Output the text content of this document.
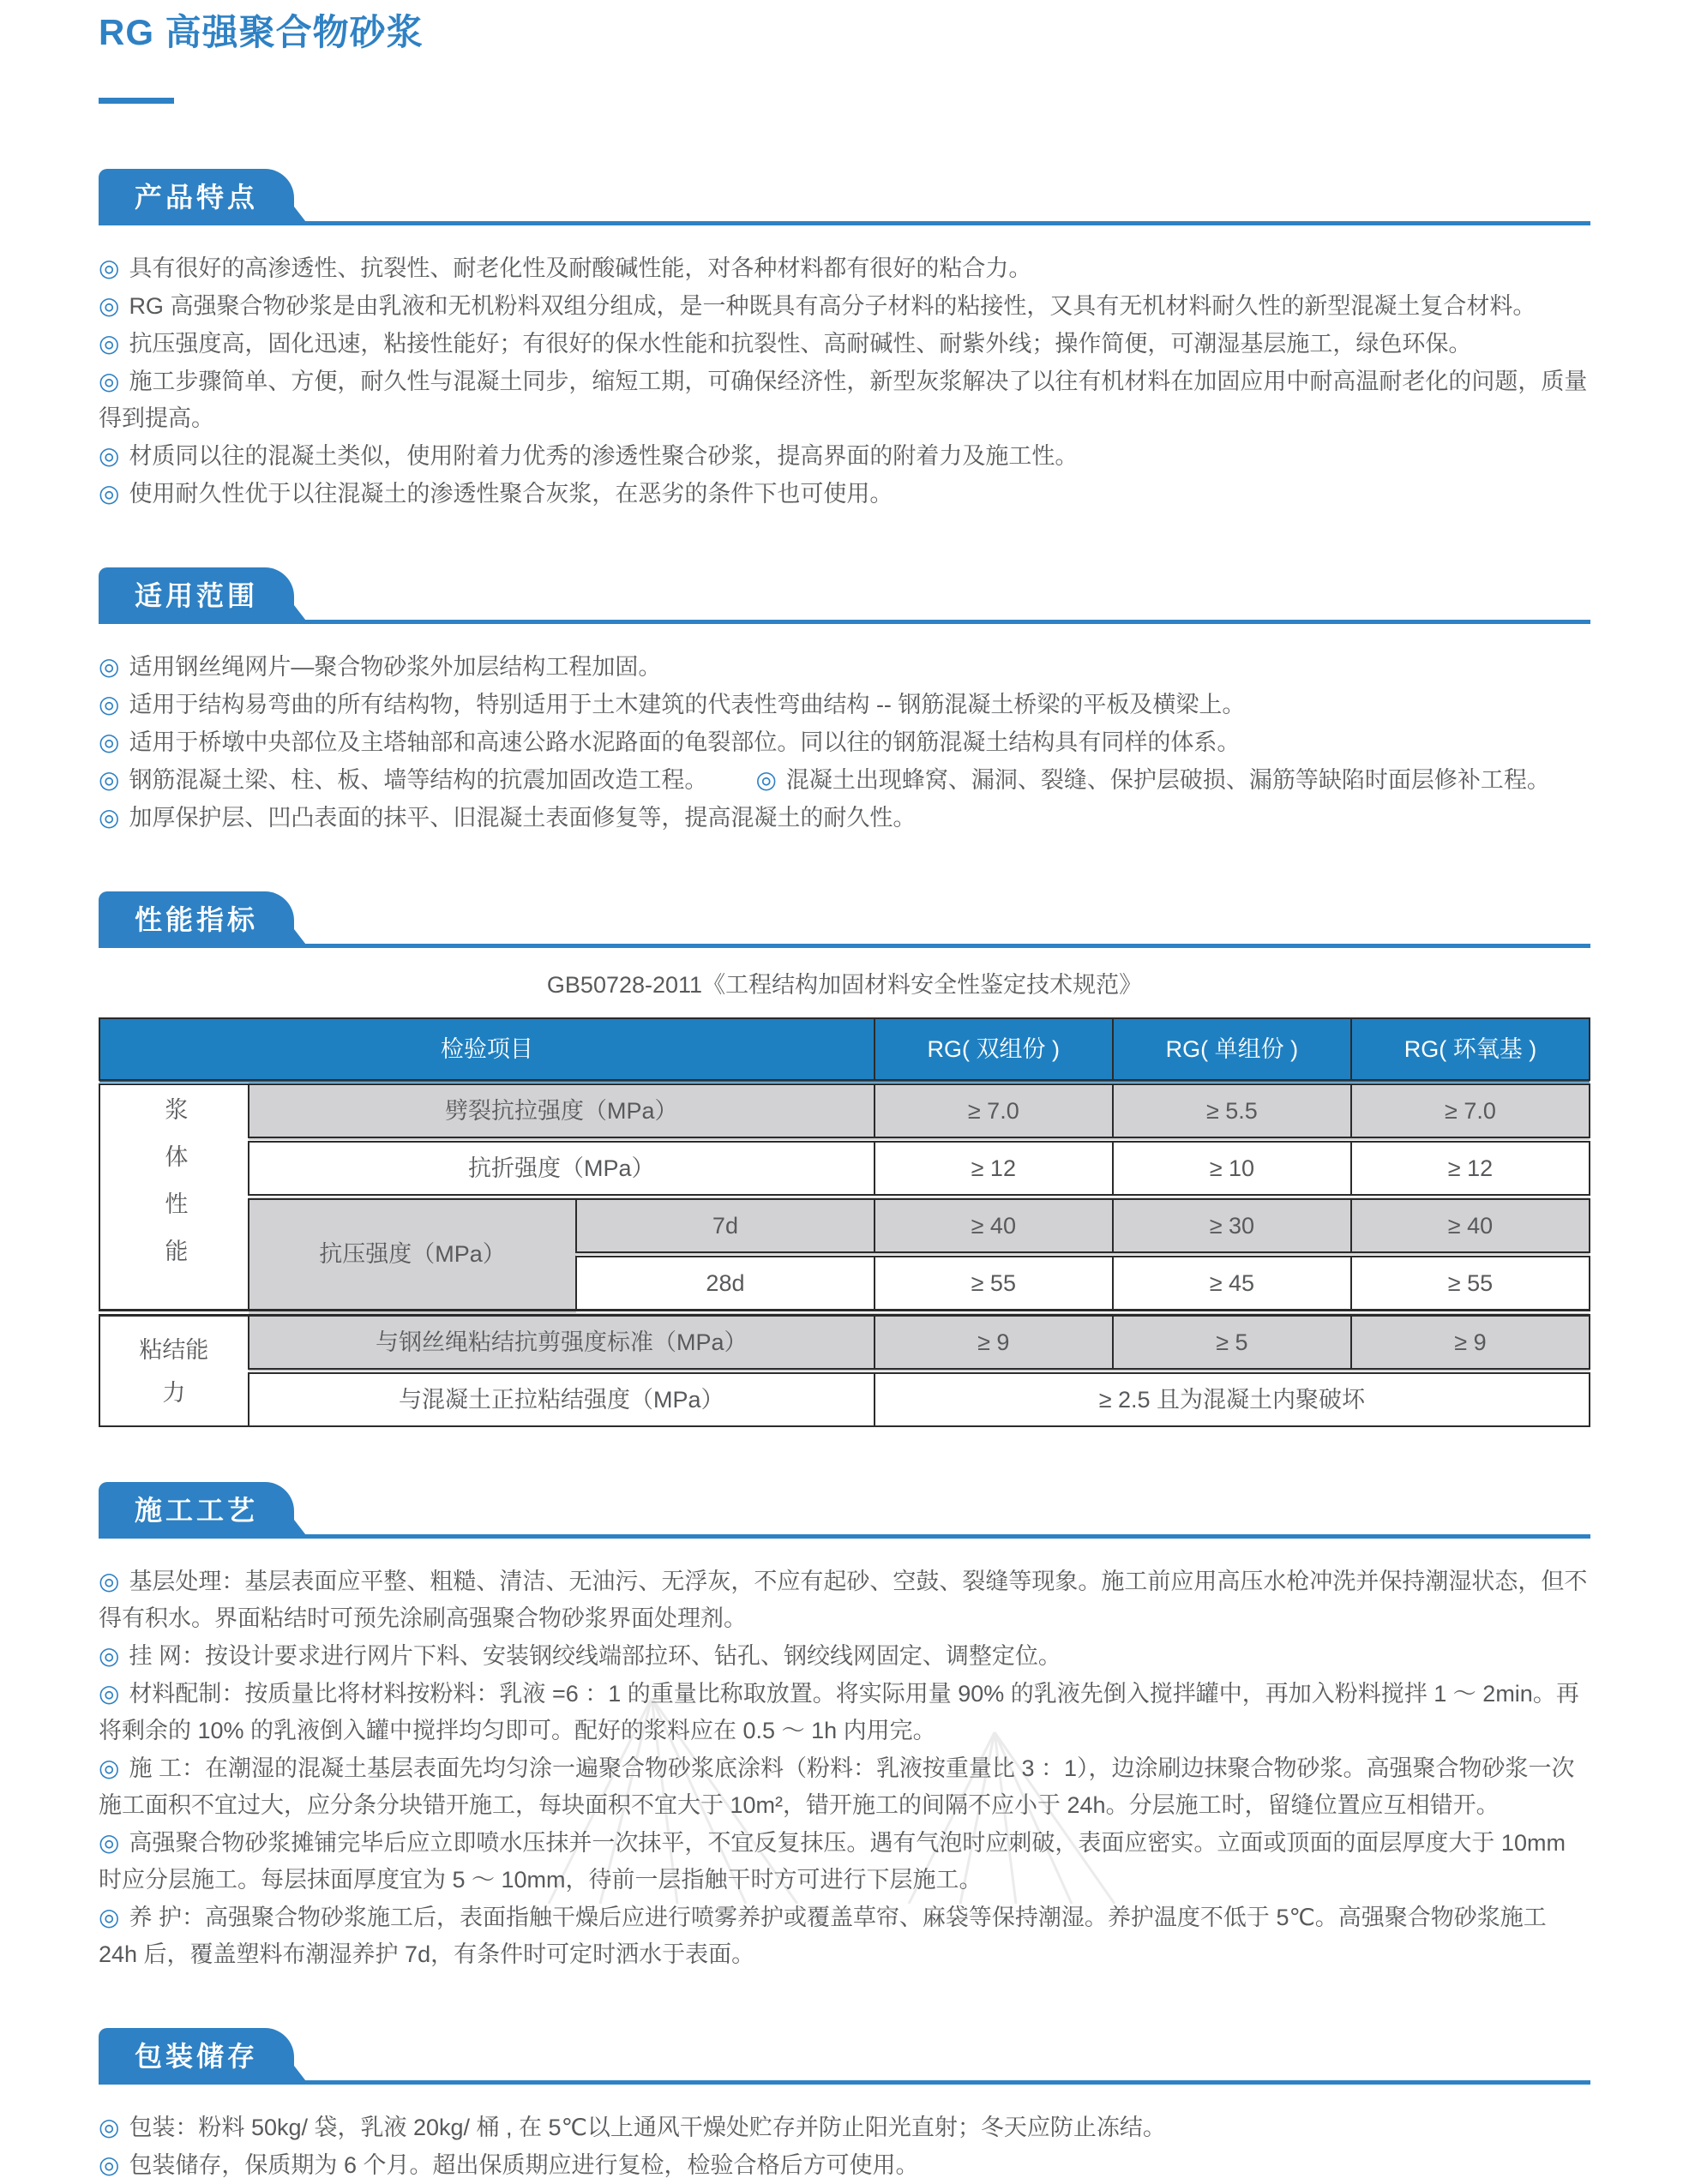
RG 高强聚合物砂浆
产品特点
◎ 具有很好的高渗透性、抗裂性、耐老化性及耐酸碱性能，对各种材料都有很好的粘合力。
◎ RG 高强聚合物砂浆是由乳液和无机粉料双组分组成，是一种既具有高分子材料的粘接性，又具有无机材料耐久性的新型混凝土复合材料。
◎ 抗压强度高，固化迅速，粘接性能好；有很好的保水性能和抗裂性、高耐碱性、耐紫外线；操作简便，可潮湿基层施工，绿色环保。
◎ 施工步骤简单、方便，耐久性与混凝土同步，缩短工期，可确保经济性，新型灰浆解决了以往有机材料在加固应用中耐高温耐老化的问题，质量得到提高。
◎ 材质同以往的混凝土类似，使用附着力优秀的渗透性聚合砂浆，提高界面的附着力及施工性。
◎ 使用耐久性优于以往混凝土的渗透性聚合灰浆，在恶劣的条件下也可使用。
适用范围
◎ 适用钢丝绳网片—聚合物砂浆外加层结构工程加固。
◎ 适用于结构易弯曲的所有结构物，特别适用于土木建筑的代表性弯曲结构 -- 钢筋混凝土桥梁的平板及横梁上。
◎ 适用于桥墩中央部位及主塔轴部和高速公路水泥路面的龟裂部位。同以往的钢筋混凝土结构具有同样的体系。
◎ 钢筋混凝土梁、柱、板、墙等结构的抗震加固改造工程。 ◎ 混凝土出现蜂窝、漏洞、裂缝、保护层破损、漏筋等缺陷时面层修补工程。
◎ 加厚保护层、凹凸表面的抹平、旧混凝土表面修复等，提高混凝土的耐久性。
性能指标
GB50728-2011《工程结构加固材料安全性鉴定技术规范》
检验项目			RG( 双组份 )	RG( 单组份 )	RG( 环氧基 )
浆体性能	劈裂抗拉强度（MPa）		≥ 7.0	≥ 5.5	≥ 7.0
	抗折强度（MPa）		≥ 12	≥ 10	≥ 12
	抗压强度（MPa）	7d	≥ 40	≥ 30	≥ 40
		28d	≥ 55	≥ 45	≥ 55
粘结能力	与钢丝绳粘结抗剪强度标准（MPa）		≥ 9	≥ 5	≥ 9
	与混凝土正拉粘结强度（MPa）		≥ 2.5 且为混凝土内聚破坏		
施工工艺
◎ 基层处理：基层表面应平整、粗糙、清洁、无油污、无浮灰，不应有起砂、空鼓、裂缝等现象。施工前应用高压水枪冲洗并保持潮湿状态，但不得有积水。界面粘结时可预先涂刷高强聚合物砂浆界面处理剂。
◎ 挂 网：按设计要求进行网片下料、安装钢绞线端部拉环、钻孔、钢绞线网固定、调整定位。
◎ 材料配制：按质量比将材料按粉料：乳液 =6 ：1 的重量比称取放置。将实际用量 90% 的乳液先倒入搅拌罐中，再加入粉料搅拌 1 ～ 2min。再将剩余的 10% 的乳液倒入罐中搅拌均匀即可。配好的浆料应在 0.5 ～ 1h 内用完。
◎ 施 工：在潮湿的混凝土基层表面先均匀涂一遍聚合物砂浆底涂料（粉料：乳液按重量比 3 ：1），边涂刷边抹聚合物砂浆。高强聚合物砂浆一次施工面积不宜过大，应分条分块错开施工，每块面积不宜大于 10m²，错开施工的间隔不应小于 24h。分层施工时，留缝位置应互相错开。
◎ 高强聚合物砂浆摊铺完毕后应立即喷水压抹并一次抹平，不宜反复抹压。遇有气泡时应刺破，表面应密实。立面或顶面的面层厚度大于 10mm 时应分层施工。每层抹面厚度宜为 5 ～ 10mm，待前一层指触干时方可进行下层施工。
◎ 养 护：高强聚合物砂浆施工后，表面指触干燥后应进行喷雾养护或覆盖草帘、麻袋等保持潮湿。养护温度不低于 5℃。高强聚合物砂浆施工 24h 后，覆盖塑料布潮湿养护 7d，有条件时可定时洒水于表面。
包装储存
◎ 包装：粉料 50kg/ 袋，乳液 20kg/ 桶 , 在 5℃以上通风干燥处贮存并防止阳光直射；冬天应防止冻结。
◎ 包装储存，保质期为 6 个月。超出保质期应进行复检，检验合格后方可使用。
